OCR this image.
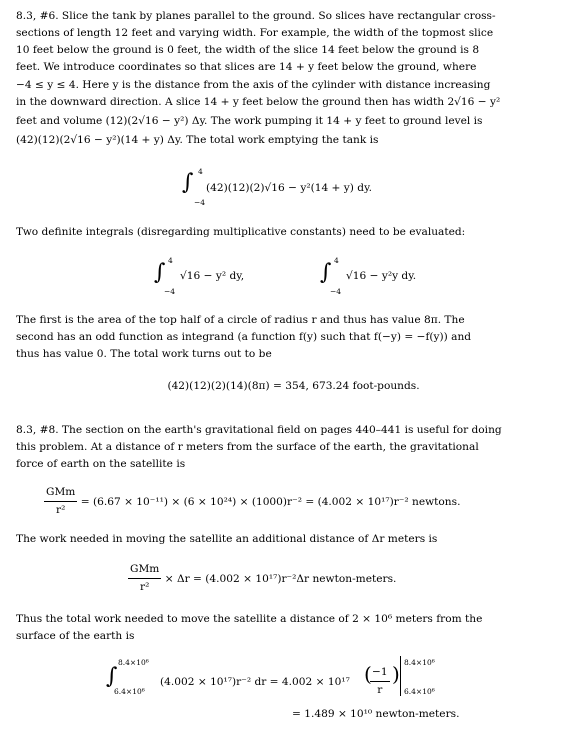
8.3, #6. Slice the tank by planes parallel to the ground. So slices have rectangular cross-
sections of length 12 feet and varying width. For example, the width of the topmost slice
10 feet below the ground is 0 feet, the width of the slice 14 feet below the ground is 8
feet. We introduce coordinates so that slices are 14 + y feet below the ground, where
−4 ≤ y ≤ 4. Here y is the distance from the axis of the cylinder with distance increasing
in the downward direction. A slice 14 + y feet below the ground then has width 2√16 − y²
feet and volume (12)(2√16 − y²) Δy. The work pumping it 14 + y feet to ground level is
(42)(12)(2√16 − y²)(14 + y) Δy. The total work emptying the tank is
∫ 4
−4
(42)(12)(2)√16 − y²(14 + y) dy.
Two definite integrals (disregarding multiplicative constants) need to be evaluated:
∫ 4
−4
√16 − y² dy,	∫ 4
−4
√16 − y²y dy.
The first is the area of the top half of a circle of radius r and thus has value 8π. The
second has an odd function as integrand (a function f(y) such that f(−y) = −f(y)) and
thus has value 0. The total work turns out to be
(42)(12)(2)(14)(8π) = 354, 673.24 foot-pounds.
8.3, #8. The section on the earth's gravitational field on pages 440–441 is useful for doing
this problem. At a distance of r meters from the surface of the earth, the gravitational
force of earth on the satellite is
$\frac{\text{GMm}}{\text{r²}} = (6.67 \times 10^{-11}) \times (6 \times 10^{24}) \times (1000)r^{-2} = (4.002 \times 10^{17})r^{-2}$ newtons.
The work needed in moving the satellite an additional distance of Δr meters is
$\frac{\text{GMm}}{\text{r²}} \times \Delta r = (4.002 \times 10^{17})r^{-2}\Delta r$ newton-meters.
Thus the total work needed to move the satellite a distance of 2 × 10⁶ meters from the
surface of the earth is
∫
8.4×10⁶
6.4×10⁶
(4.002 × 10¹⁷)r⁻² dr = 4.002 × 10¹⁷ (
$\frac{-1}{r}$ ) 8.4×10⁶
6.4×10⁶
= 1.489 × 10¹⁰ newton-meters.
